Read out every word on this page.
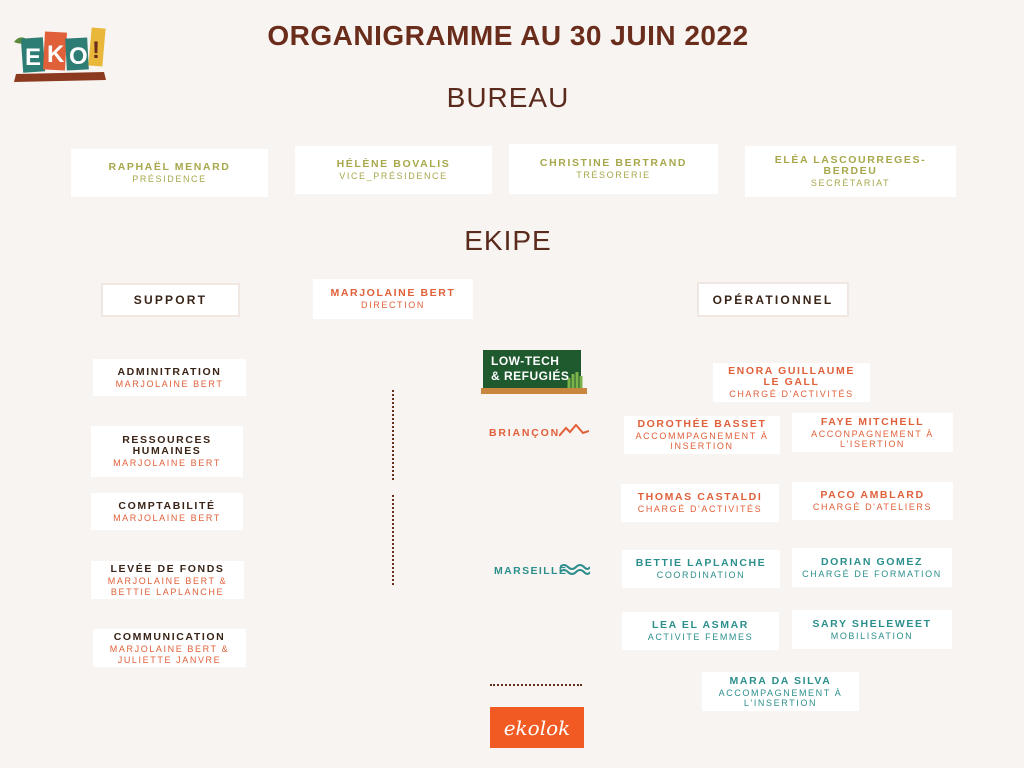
E K O !	ORGANIGRAMME AU 30 JUIN 2022
BUREAU
RAPHAËL MENARD
PRÉSIDENCE
HÉLÈNE BOVALIS
VICE_PRÉSIDENCE
CHRISTINE BERTRAND
TRÉSORERIE
ELÉA LASCOURREGES-BERDEU
SECRÉTARIAT
EKIPE
SUPPORT	OPÉRATIONNEL
MARJOLAINE BERT
DIRECTION
ADMINITRATION
MARJOLAINE BERT
RESSOURCES HUMAINES
MARJOLAINE BERT
COMPTABILITÉ
MARJOLAINE BERT
LEVÉE DE FONDS
MARJOLAINE BERT &
BETTIE LAPLANCHE
COMMUNICATION
MARJOLAINE BERT &
JULIETTE JANVRE
LOW-TECH
& REFUGIÉS
BRIANÇON
MARSEILLE
ekolok
ENORA GUILLAUME LE GALL
CHARGÉ D'ACTIVITÉS
DOROTHÉE BASSET
ACCOMMPAGNEMENT À INSERTION
FAYE MITCHELL
ACCONPAGNEMENT À L'ISERTION
THOMAS CASTALDI
CHARGÉ D'ACTIVITÉS
PACO AMBLARD
CHARGÉ D'ATELIERS
BETTIE LAPLANCHE
COORDINATION
DORIAN GOMEZ
CHARGÉ DE FORMATION
LEA EL ASMAR
ACTIVITE FEMMES
SARY SHELEWEET
MOBILISATION
MARA DA SILVA
ACCOMPAGNEMENT À L'INSERTION
